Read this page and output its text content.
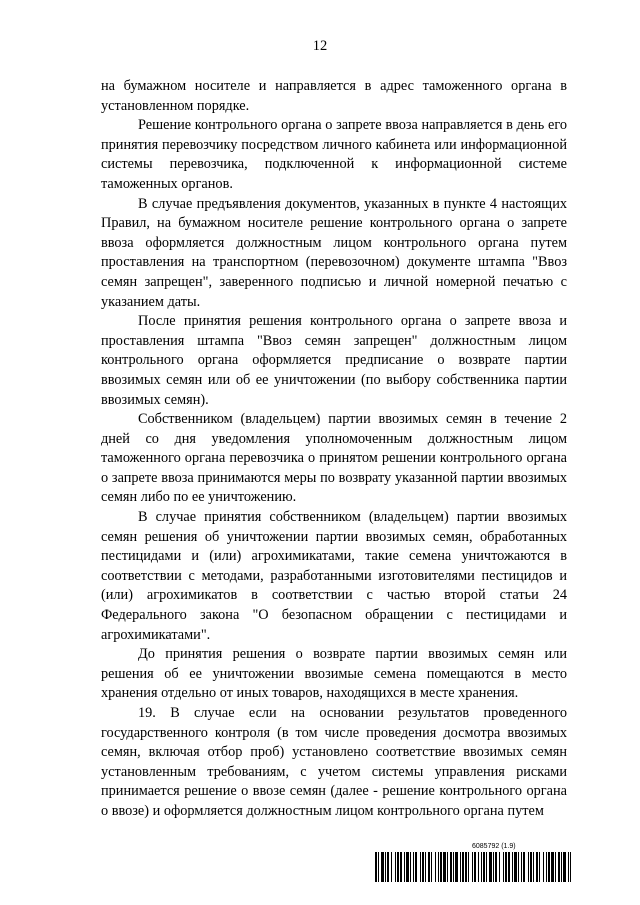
12

на бумажном носителе и направляется в адрес таможенного органа в установленном порядке.

Решение контрольного органа о запрете ввоза направляется в день его принятия перевозчику посредством личного кабинета или информационной системы перевозчика, подключенной к информационной системе таможенных органов.

В случае предъявления документов, указанных в пункте 4 настоящих Правил, на бумажном носителе решение контрольного органа о запрете ввоза оформляется должностным лицом контрольного органа путем проставления на транспортном (перевозочном) документе штампа "Ввоз семян запрещен", заверенного подписью и личной номерной печатью с указанием даты.

После принятия решения контрольного органа о запрете ввоза и проставления штампа "Ввоз семян запрещен" должностным лицом контрольного органа оформляется предписание о возврате партии ввозимых семян или об ее уничтожении (по выбору собственника партии ввозимых семян).

Собственником (владельцем) партии ввозимых семян в течение 2 дней со дня уведомления уполномоченным должностным лицом таможенного органа перевозчика о принятом решении контрольного органа о запрете ввоза принимаются меры по возврату указанной партии ввозимых семян либо по ее уничтожению.

В случае принятия собственником (владельцем) партии ввозимых семян решения об уничтожении партии ввозимых семян, обработанных пестицидами и (или) агрохимикатами, такие семена уничтожаются в соответствии с методами, разработанными изготовителями пестицидов и (или) агрохимикатов в соответствии с частью второй статьи 24 Федерального закона "О безопасном обращении с пестицидами и агрохимикатами".

До принятия решения о возврате партии ввозимых семян или решения об ее уничтожении ввозимые семена помещаются в место хранения отдельно от иных товаров, находящихся в месте хранения.

19. В случае если на основании результатов проведенного государственного контроля (в том числе проведения досмотра ввозимых семян, включая отбор проб) установлено соответствие ввозимых семян установленным требованиям, с учетом системы управления рисками принимается решение о ввозе семян (далее - решение контрольного органа о ввозе) и оформляется должностным лицом контрольного органа путем

6085792 (1.9)
